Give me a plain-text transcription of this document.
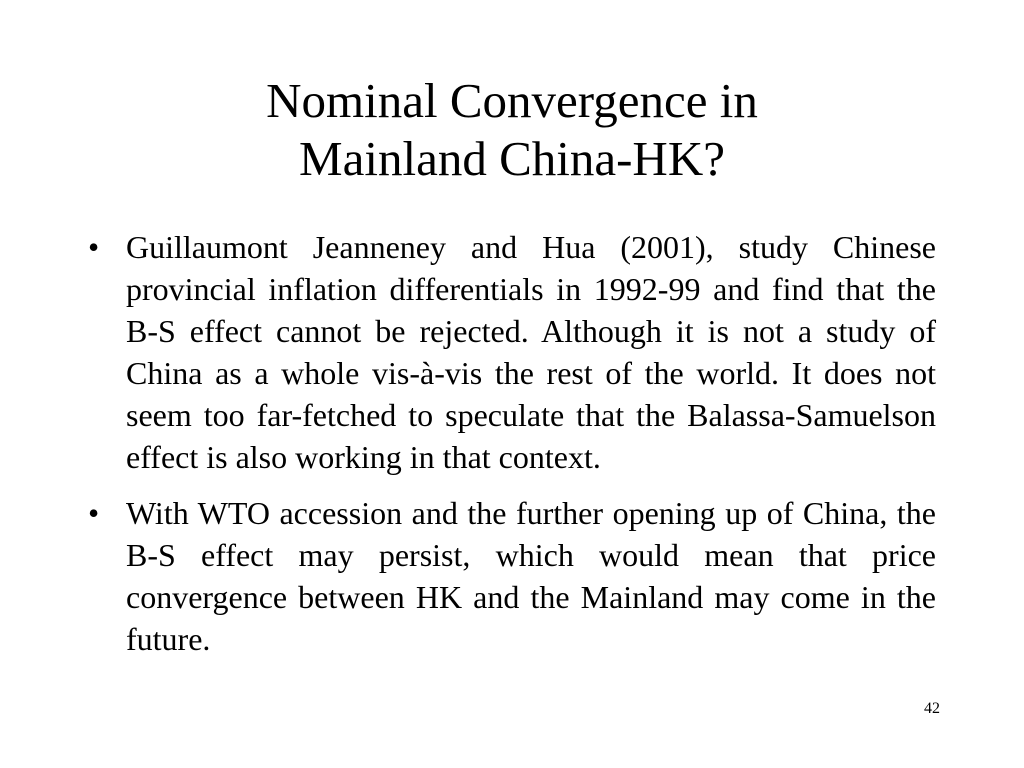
Nominal Convergence in
Mainland China-HK?
• Guillaumont Jeanneney and Hua (2001), study Chinese provincial inflation differentials in 1992-99 and find that the B-S effect cannot be rejected. Although it is not a study of China as a whole vis-à-vis the rest of the world. It does not seem too far-fetched to speculate that the Balassa-Samuelson effect is also working in that context.
• With WTO accession and the further opening up of China, the B-S effect may persist, which would mean that price convergence between HK and the Mainland may come in the future.
42
